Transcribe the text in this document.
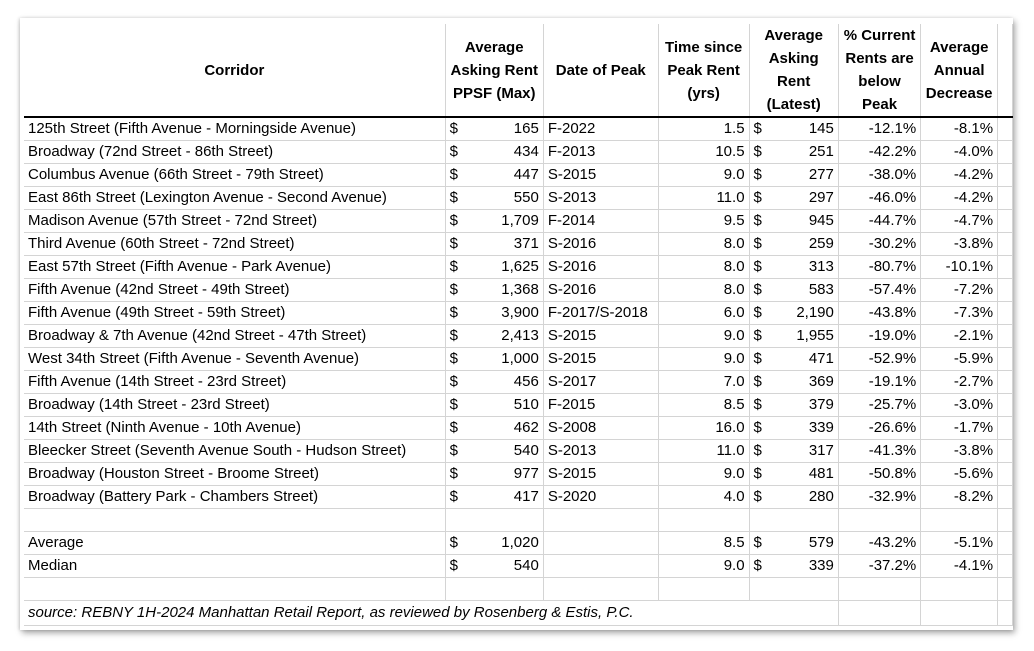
Corridor	Average Asking Rent PPSF (Max)		Date of Peak	Time since Peak Rent (yrs)	Average Asking Rent (Latest)		% Current Rents are below Peak	Average Annual Decrease	
125th Street (Fifth Avenue - Morningside Avenue)	$	165	F-2022	1.5	$	145	-12.1%	-8.1%	
Broadway (72nd Street - 86th Street)	$	434	F-2013	10.5	$	251	-42.2%	-4.0%	
Columbus Avenue (66th Street - 79th Street)	$	447	S-2015	9.0	$	277	-38.0%	-4.2%	
East 86th Street (Lexington Avenue - Second Avenue)	$	550	S-2013	11.0	$	297	-46.0%	-4.2%	
Madison Avenue (57th Street - 72nd Street)	$	1,709	F-2014	9.5	$	945	-44.7%	-4.7%	
Third Avenue (60th Street - 72nd Street)	$	371	S-2016	8.0	$	259	-30.2%	-3.8%	
East 57th Street (Fifth Avenue - Park Avenue)	$	1,625	S-2016	8.0	$	313	-80.7%	-10.1%	
Fifth Avenue (42nd Street - 49th Street)	$	1,368	S-2016	8.0	$	583	-57.4%	-7.2%	
Fifth Avenue (49th Street - 59th Street)	$	3,900	F-2017/S-2018	6.0	$	2,190	-43.8%	-7.3%	
Broadway & 7th Avenue (42nd Street - 47th Street)	$	2,413	S-2015	9.0	$	1,955	-19.0%	-2.1%	
West 34th Street (Fifth Avenue - Seventh Avenue)	$	1,000	S-2015	9.0	$	471	-52.9%	-5.9%	
Fifth Avenue (14th Street - 23rd Street)	$	456	S-2017	7.0	$	369	-19.1%	-2.7%	
Broadway (14th Street - 23rd Street)	$	510	F-2015	8.5	$	379	-25.7%	-3.0%	
14th Street (Ninth Avenue - 10th Avenue)	$	462	S-2008	16.0	$	339	-26.6%	-1.7%	
Bleecker Street (Seventh Avenue South - Hudson Street)	$	540	S-2013	11.0	$	317	-41.3%	-3.8%	
Broadway (Houston Street - Broome Street)	$	977	S-2015	9.0	$	481	-50.8%	-5.6%	
Broadway (Battery Park - Chambers Street)	$	417	S-2020	4.0	$	280	-32.9%	-8.2%	

Average	$	1,020		8.5	$	579	-43.2%	-5.1%	
Median	$	540		9.0	$	339	-37.2%	-4.1%	

source: REBNY 1H-2024 Manhattan Retail Report, as reviewed by Rosenberg & Estis, P.C.									
